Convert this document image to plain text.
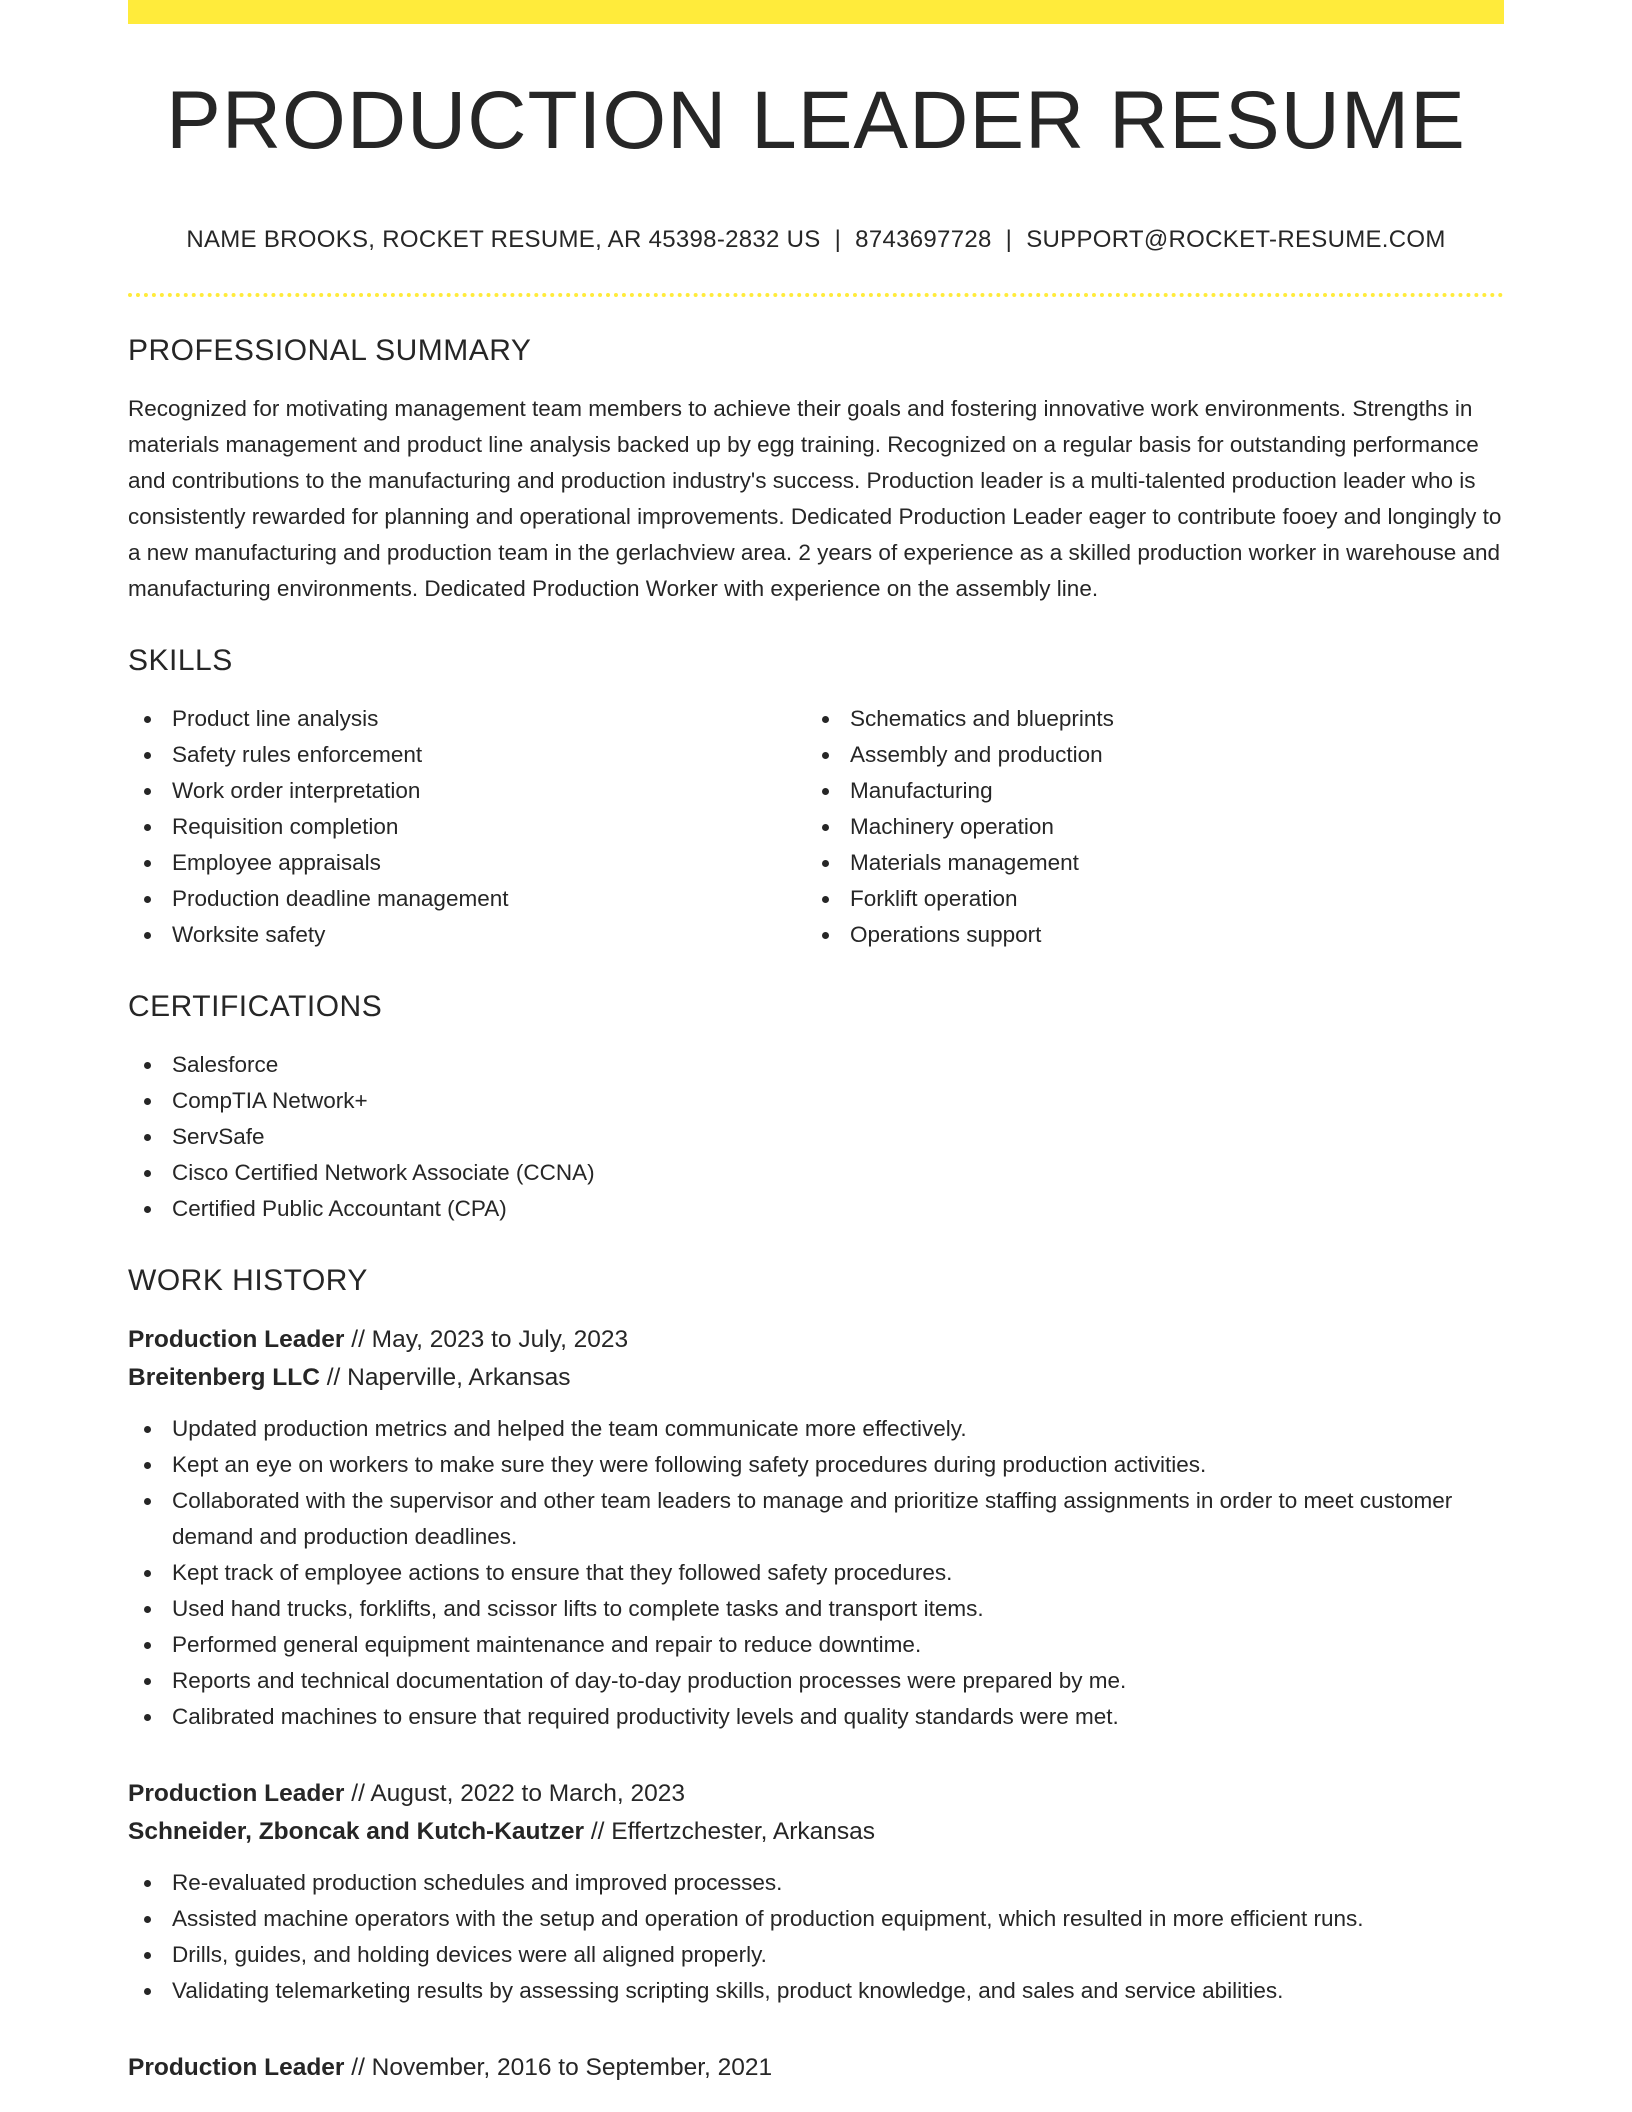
PRODUCTION LEADER RESUME
NAME BROOKS, ROCKET RESUME, AR 45398-2832 US | 8743697728 | SUPPORT@ROCKET-RESUME.COM
PROFESSIONAL SUMMARY

Recognized for motivating management team members to achieve their goals and fostering innovative work environments. Strengths in materials management and product line analysis backed up by egg training. Recognized on a regular basis for outstanding performance and contributions to the manufacturing and production industry's success. Production leader is a multi-talented production leader who is consistently rewarded for planning and operational improvements. Dedicated Production Leader eager to contribute fooey and longingly to a new manufacturing and production team in the gerlachview area. 2 years of experience as a skilled production worker in warehouse and manufacturing environments. Dedicated Production Worker with experience on the assembly line.

SKILLS
Product line analysis
Safety rules enforcement
Work order interpretation
Requisition completion
Employee appraisals
Production deadline management
Worksite safety
Schematics and blueprints
Assembly and production
Manufacturing
Machinery operation
Materials management
Forklift operation
Operations support
CERTIFICATIONS
Salesforce
CompTIA Network+
ServSafe
Cisco Certified Network Associate (CCNA)
Certified Public Accountant (CPA)
WORK HISTORY
Production Leader // May, 2023 to July, 2023
Breitenberg LLC // Naperville, Arkansas
Updated production metrics and helped the team communicate more effectively.
Kept an eye on workers to make sure they were following safety procedures during production activities.
Collaborated with the supervisor and other team leaders to manage and prioritize staffing assignments in order to meet customer demand and production deadlines.
Kept track of employee actions to ensure that they followed safety procedures.
Used hand trucks, forklifts, and scissor lifts to complete tasks and transport items.
Performed general equipment maintenance and repair to reduce downtime.
Reports and technical documentation of day-to-day production processes were prepared by me.
Calibrated machines to ensure that required productivity levels and quality standards were met.
Production Leader // August, 2022 to March, 2023
Schneider, Zboncak and Kutch-Kautzer // Effertzchester, Arkansas
Re-evaluated production schedules and improved processes.
Assisted machine operators with the setup and operation of production equipment, which resulted in more efficient runs.
Drills, guides, and holding devices were all aligned properly.
Validating telemarketing results by assessing scripting skills, product knowledge, and sales and service abilities.
Production Leader // November, 2016 to September, 2021
